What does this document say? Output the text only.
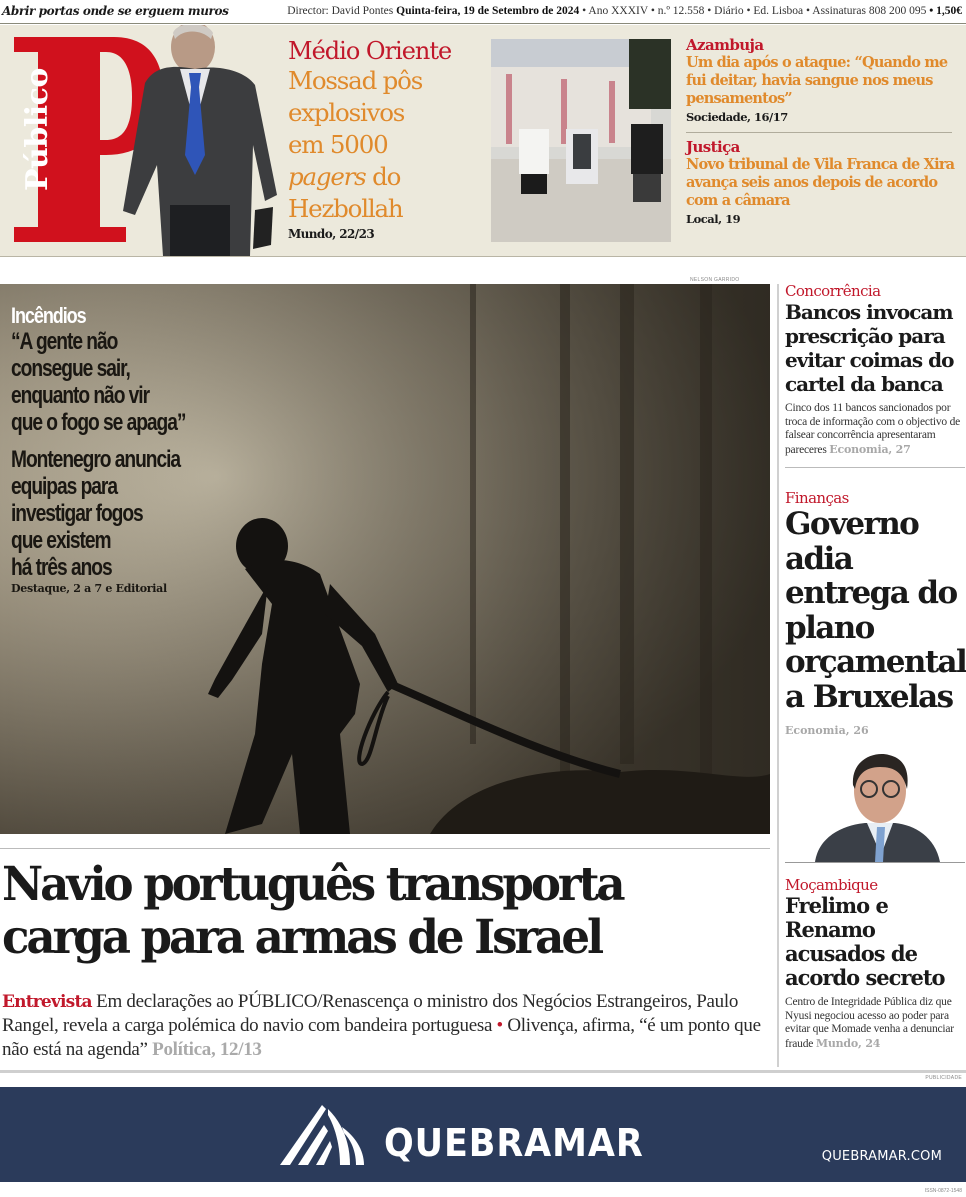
Abrir portas onde se erguem muros	Director: David Pontes Quinta-feira, 19 de Setembro de 2024 • Ano XXXIV • n.º 12.558 • Diário • Ed. Lisboa • Assinaturas 808 200 095 • 1,50€
Público
Médio Oriente
Mossad pôs
explosivos
em 5000
pagers do
Hezbollah
Mundo, 22/23
Azambuja
Um dia após o ataque: “Quando me fui deitar, havia sangue nos meus pensamentos”
Sociedade, 16/17
Justiça
Novo tribunal de Vila Franca de Xira avança seis anos depois de acordo com a câmara
Local, 19
NELSON GARRIDO
Incêndios
“A gente não
consegue sair,
enquanto não vir
que o fogo se apaga”
Montenegro anuncia
equipas para
investigar fogos
que existem
há três anos
Destaque, 2 a 7 e Editorial
Concorrência
Bancos invocam prescrição para evitar coimas do cartel da banca
Cinco dos 11 bancos sancionados por troca de informação com o objectivo de falsear concorrência apresentaram pareceres Economia, 27
Finanças
Governo adia entrega do plano orçamental a Bruxelas
Economia, 26
Moçambique
Frelimo e Renamo acusados de acordo secreto
Centro de Integridade Pública diz que Nyusi negociou acesso ao poder para evitar que Momade venha a denunciar fraude Mundo, 24
Navio português transporta
carga para armas de Israel
Entrevista Em declarações ao PÚBLICO/Renascença o ministro dos Negócios Estrangeiros, Paulo Rangel, revela a carga polémica do navio com bandeira portuguesa • Olivença, afirma, “é um ponto que não está na agenda” Política, 12/13
PUBLICIDADE
QUEBRAMAR	QUEBRAMAR.COM
ISSN-0872-1548
